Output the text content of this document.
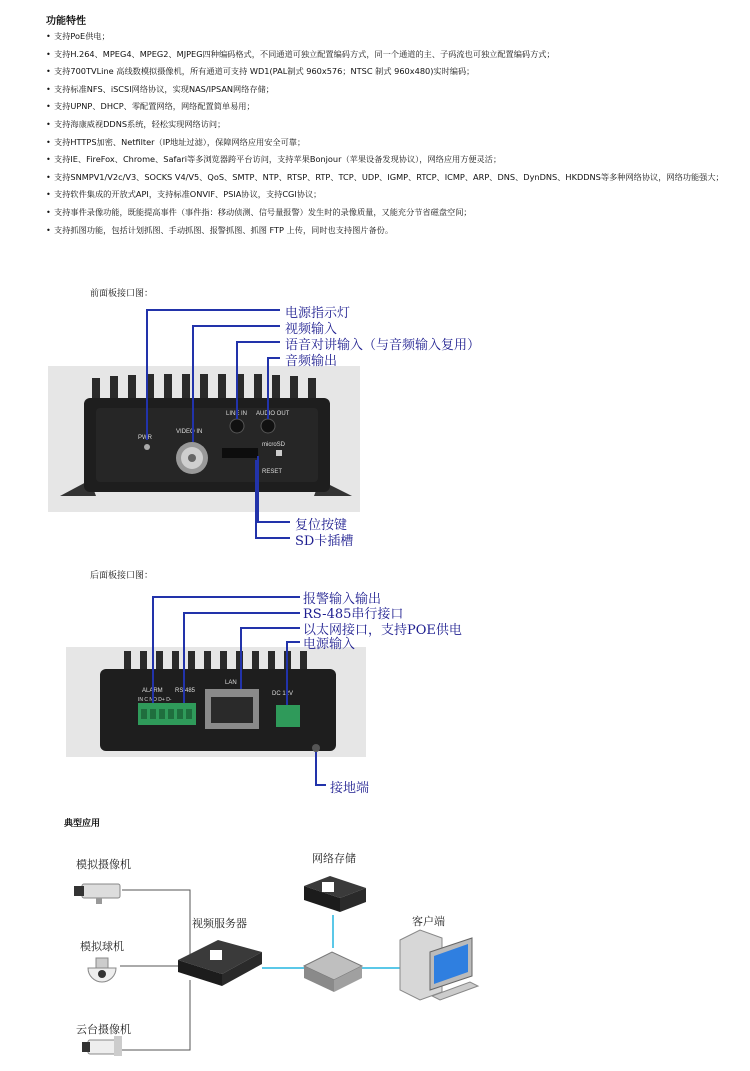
功能特性
• 支持PoE供电；
• 支持H.264、MPEG4、MPEG2、MJPEG四种编码格式，不同通道可独立配置编码方式，同一个通道的主、子码流也可独立配置编码方式；
• 支持700TVLine 高线数模拟摄像机，所有通道可支持 WD1(PAL制式 960x576；NTSC 制式 960x480)实时编码；
• 支持标准NFS、iSCSI网络协议，实现NAS/IPSAN网络存储；
• 支持UPNP、DHCP、零配置网络，网络配置简单易用；
• 支持海康威视DDNS系统，轻松实现网络访问；
• 支持HTTPS加密、Netfilter（IP地址过滤），保障网络应用安全可靠；
• 支持IE、FireFox、Chrome、Safari等多浏览器跨平台访问，支持苹果Bonjour（苹果设备发现协议），网络应用方便灵活；
• 支持SNMPV1/V2c/V3、SOCKS V4/V5、QoS、SMTP、NTP、RTSP、RTP、TCP、UDP、IGMP、RTCP、ICMP、ARP、DNS、DynDNS、HKDDNS等多种网络协议，网络功能强大；
• 支持软件集成的开放式API，支持标准ONVIF、PSIA协议，支持CGI协议；
• 支持事件录像功能，既能提高事件（事件指：移动侦测、信号量报警）发生时的录像质量，又能充分节省磁盘空间；
• 支持抓图功能，包括计划抓图、手动抓图、报警抓图、抓图 FTP 上传，同时也支持图片备份。
前面板接口图：
PWR
VIDEO IN
LINE IN AUDIO OUT
microSD
RESET
电源指示灯
视频输入
语音对讲输入（与音频输入复用）
音频输出
复位按键
SD卡插槽
后面板接口图：
ALARM RS 485
IN C NO D+ D-
LAN
DC 12V
报警输入输出
RS-485串行接口
以太网接口，支持POE供电
电源输入
接地端
典型应用
模拟摄像机
模拟球机
云台摄像机
视频服务器
网络存储
客户端
